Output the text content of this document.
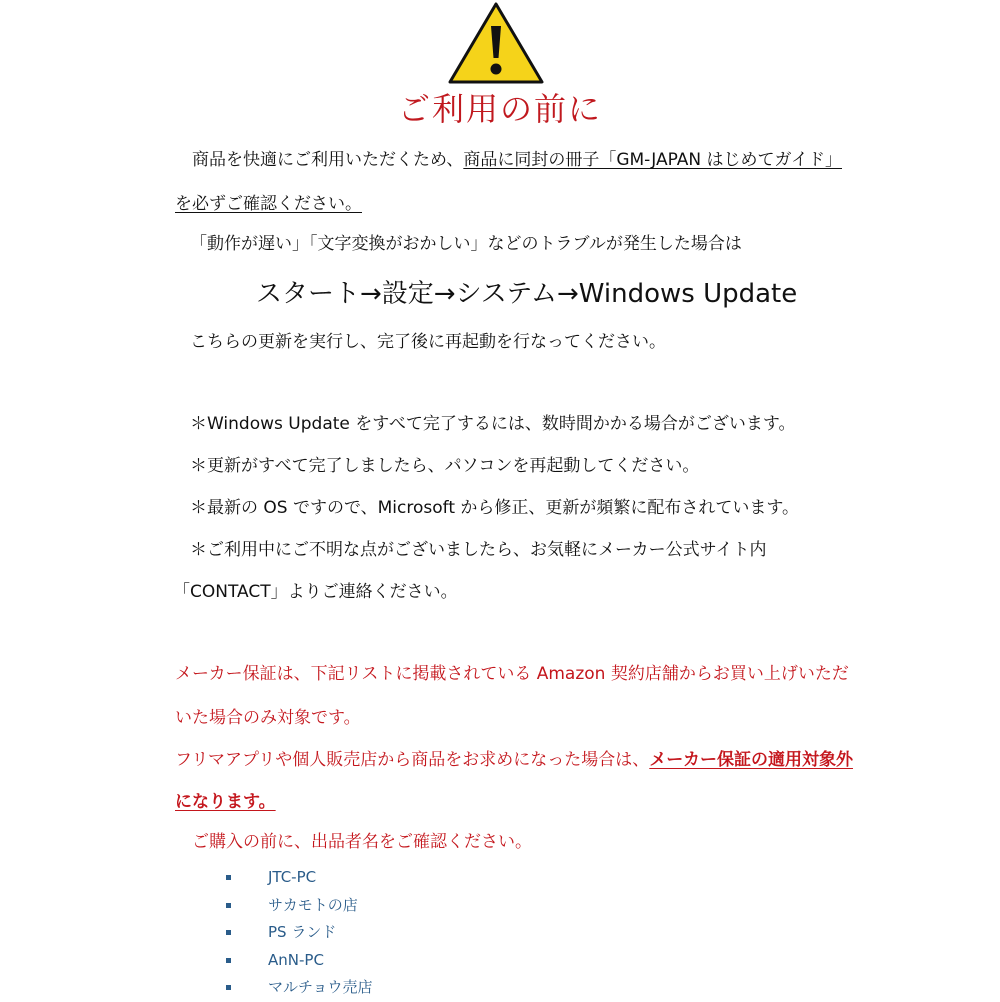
ご利用の前に
商品を快適にご利用いただくため、商品に同封の冊子「GM-JAPAN はじめてガイド」
を必ずご確認ください。
「動作が遅い」「文字変換がおかしい」などのトラブルが発生した場合は
スタート→設定→システム→Windows Update
こちらの更新を実行し、完了後に再起動を行なってください。
＊Windows Update をすべて完了するには、数時間かかる場合がございます。
＊更新がすべて完了しましたら、パソコンを再起動してください。
＊最新の OS ですので、Microsoft から修正、更新が頻繁に配布されています。
＊ご利用中にご不明な点がございましたら、お気軽にメーカー公式サイト内
「CONTACT」よりご連絡ください。
メーカー保証は、下記リストに掲載されている Amazon 契約店舗からお買い上げいただ
いた場合のみ対象です。
フリマアプリや個人販売店から商品をお求めになった場合は、メーカー保証の適用対象外
になります。
ご購入の前に、出品者名をご確認ください。
JTC-PC
サカモトの店
PS ランド
AnN-PC
マルチョウ売店
